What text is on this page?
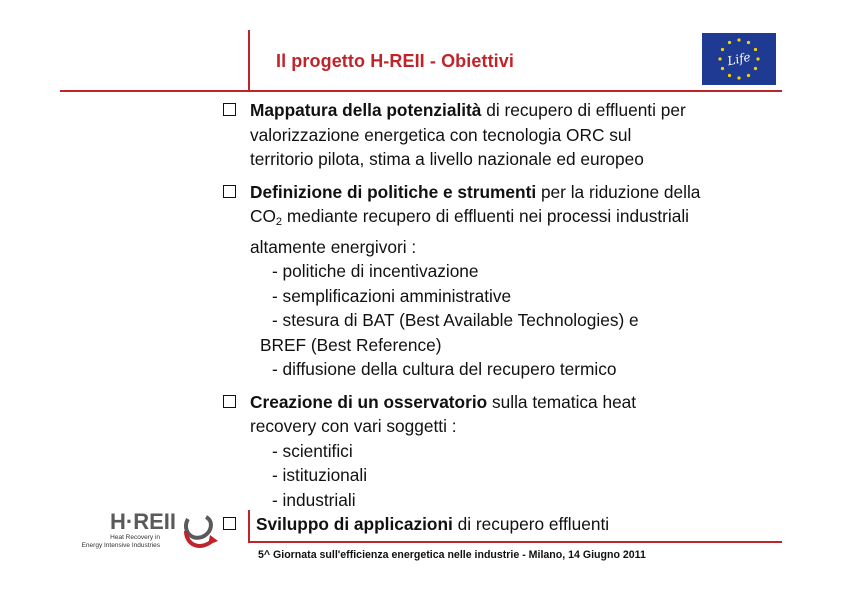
Il progetto H-REII - Obiettivi	Life

Mappatura della potenzialità di recupero di effluenti per

valorizzazione energetica con tecnologia ORC sul

territorio pilota, stima a livello nazionale ed europeo

Definizione di politiche e strumenti per la riduzione della

$CO_2$ mediante recupero di effluenti nei processi industriali

altamente energivori :

- politiche di incentivazione
- semplificazioni amministrative
- stesura di BAT (Best Available Technologies) e
BREF (Best Reference)
- diffusione della cultura del recupero termico

Creazione di un osservatorio sulla tematica heat

recovery con vari soggetti :

- scientifici
- istituzionali
- industriali
Sviluppo di applicazioni di recupero effluenti
H·REII
Heat Recovery in
Energy Intensive Industries
5^ Giornata sull'efficienza energetica nelle industrie - Milano, 14 Giugno 2011
